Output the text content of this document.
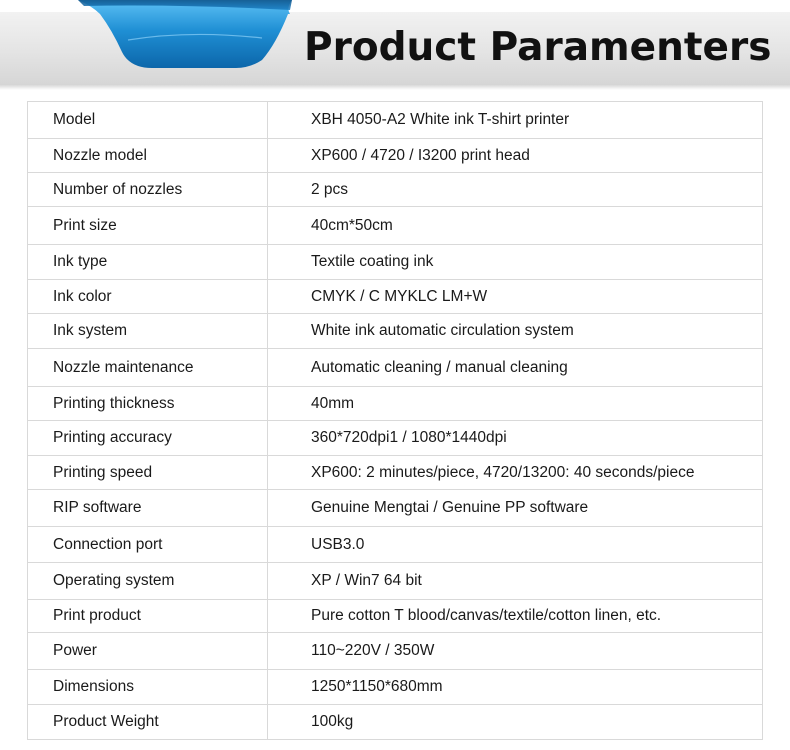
Product Paramenters
Model	XBH 4050-A2 White ink T-shirt printer
Nozzle model	XP600 / 4720 / I3200 print head
Number of nozzles	2 pcs
Print size	40cm*50cm
Ink type	Textile coating ink
Ink color	CMYK / C MYKLC LM+W
Ink system	White ink automatic circulation system
Nozzle maintenance	Automatic cleaning / manual cleaning
Printing thickness	40mm
Printing accuracy	360*720dpi1 / 1080*1440dpi
Printing speed	XP600: 2 minutes/piece, 4720/13200: 40 seconds/piece
RIP software	Genuine Mengtai / Genuine PP software
Connection port	USB3.0
Operating system	XP / Win7 64 bit
Print product	Pure cotton T blood/canvas/textile/cotton linen, etc.
Power	110~220V / 350W
Dimensions	1250*1150*680mm
Product Weight	100kg
